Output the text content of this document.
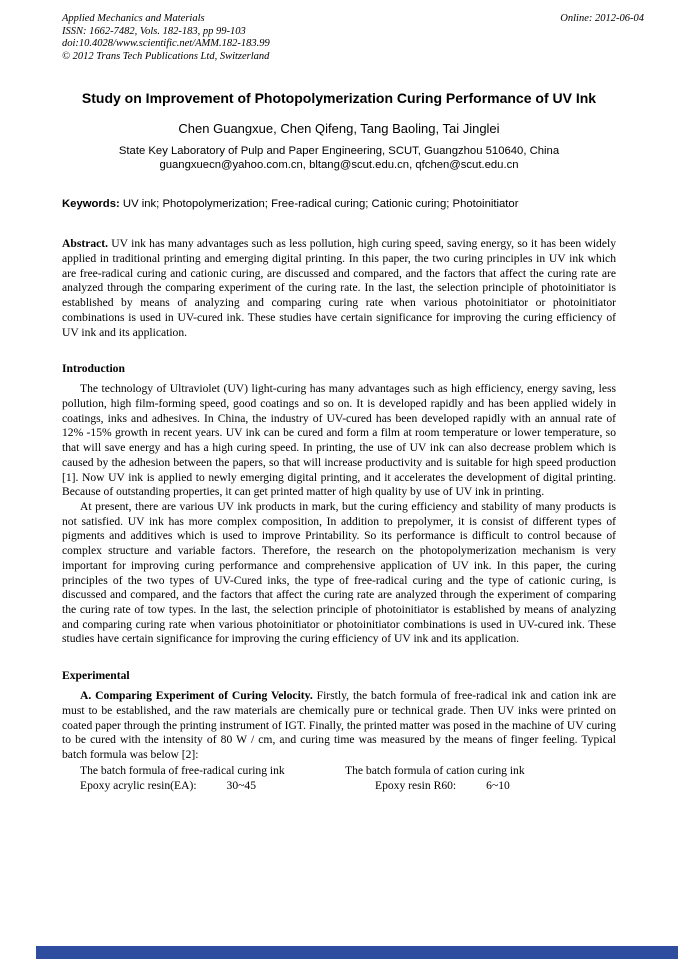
Applied Mechanics and Materials
ISSN: 1662-7482, Vols. 182-183, pp 99-103
doi:10.4028/www.scientific.net/AMM.182-183.99
© 2012 Trans Tech Publications Ltd, Switzerland
Online: 2012-06-04
Study on Improvement of Photopolymerization Curing Performance of UV Ink
Chen Guangxue, Chen Qifeng, Tang Baoling, Tai Jinglei
State Key Laboratory of Pulp and Paper Engineering, SCUT, Guangzhou 510640, China
guangxuecn@yahoo.com.cn, bltang@scut.edu.cn, qfchen@scut.edu.cn
Keywords: UV ink; Photopolymerization; Free-radical curing; Cationic curing; Photoinitiator
Abstract. UV ink has many advantages such as less pollution, high curing speed, saving energy, so it has been widely applied in traditional printing and emerging digital printing. In this paper, the two curing principles in UV ink which are free-radical curing and cationic curing, are discussed and compared, and the factors that affect the curing rate are analyzed through the comparing experiment of the curing rate. In the last, the selection principle of photoinitiator is established by means of analyzing and comparing curing rate when various photoinitiator or photoinitiator combinations is used in UV-cured ink. These studies have certain significance for improving the curing efficiency of UV ink and its application.
Introduction
The technology of Ultraviolet (UV) light-curing has many advantages such as high efficiency, energy saving, less pollution, high film-forming speed, good coatings and so on. It is developed rapidly and has been applied widely in coatings, inks and adhesives. In China, the industry of UV-cured has been developed rapidly with an annual rate of 12% -15% growth in recent years. UV ink can be cured and form a film at room temperature or lower temperature, so that will save energy and has a high curing speed. In printing, the use of UV ink can also decrease problem which is caused by the adhesion between the papers, so that will increase productivity and is suitable for high speed production [1]. Now UV ink is applied to newly emerging digital printing, and it accelerates the development of digital printing. Because of outstanding properties, it can get printed matter of high quality by use of UV ink in printing.
At present, there are various UV ink products in mark, but the curing efficiency and stability of many products is not satisfied. UV ink has more complex composition, In addition to prepolymer, it is consist of different types of pigments and additives which is used to improve Printability. So its performance is difficult to control because of complex structure and variable factors. Therefore, the research on the photopolymerization mechanism is very important for improving curing performance and comprehensive application of UV ink. In this paper, the curing principles of the two types of UV-Cured inks, the type of free-radical curing and the type of cationic curing, is discussed and compared, and the factors that affect the curing rate are analyzed through the experiment of comparing the curing rate of tow types. In the last, the selection principle of photoinitiator is established by means of analyzing and comparing curing rate when various photoinitiator or photoinitiator combinations is used in UV-cured ink. These studies have certain significance for improving the curing efficiency of UV ink and its application.
Experimental
A. Comparing Experiment of Curing Velocity. Firstly, the batch formula of free-radical ink and cation ink are must to be established, and the raw materials are chemically pure or technical grade. Then UV inks were printed on coated paper through the printing instrument of IGT. Finally, the printed matter was posed in the machine of UV curing to be cured with the intensity of 80 W / cm, and curing time was measured by the means of finger feeling. Typical batch formula was below [2]:
The batch formula of free-radical curing ink
Epoxy acrylic resin(EA):	30~45
The batch formula of cation curing ink
Epoxy resin R60:	6~10
